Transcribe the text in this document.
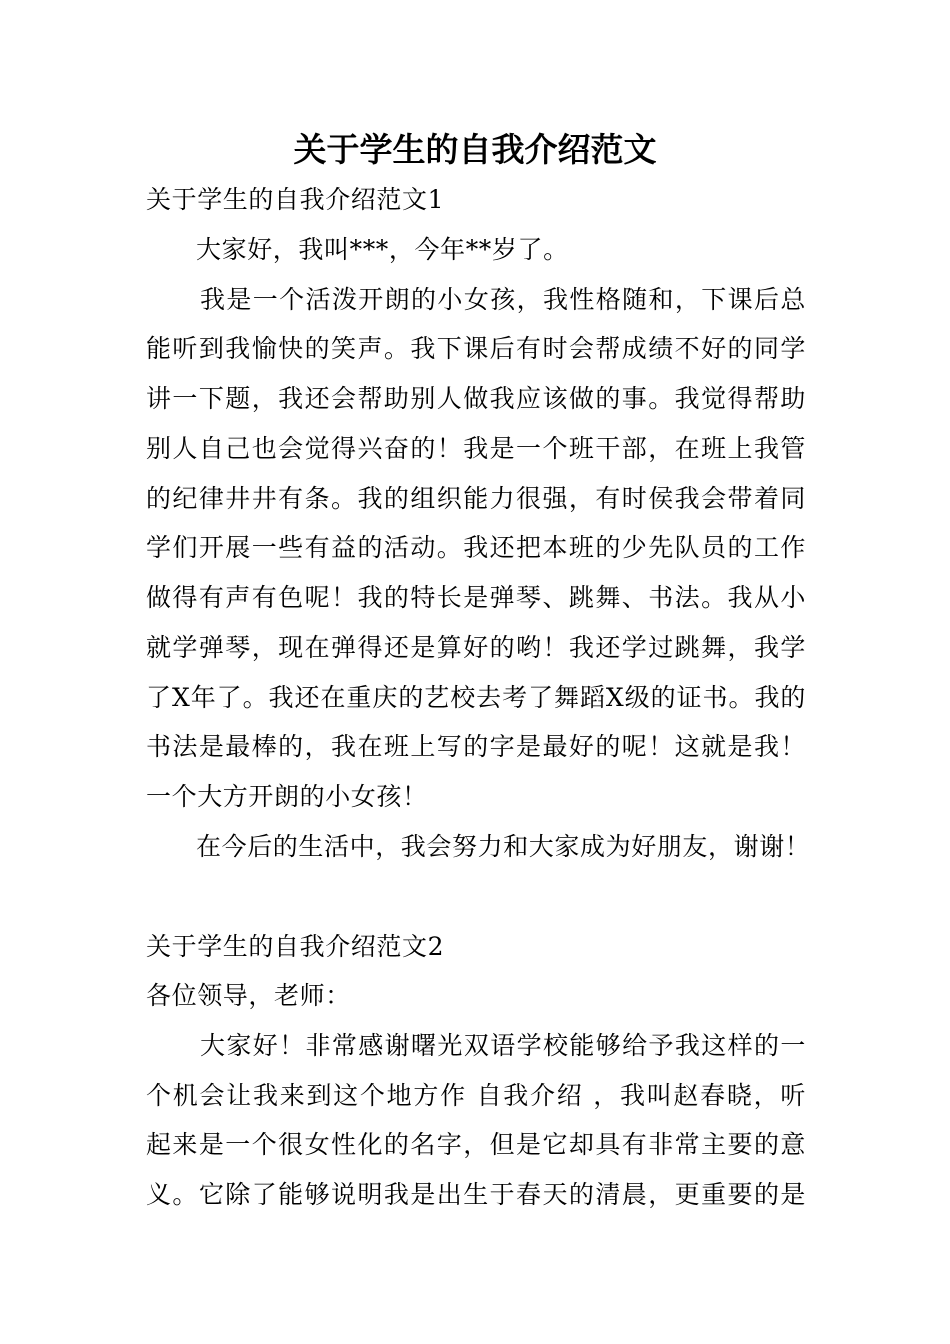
关于学生的自我介绍范文
关于学生的自我介绍范文1
大家好，我叫***，今年**岁了。
我是一个活泼开朗的小女孩，我性格随和，下课后总
能听到我愉快的笑声。我下课后有时会帮成绩不好的同学
讲一下题，我还会帮助别人做我应该做的事。我觉得帮助
别人自己也会觉得兴奋的！我是一个班干部，在班上我管
的纪律井井有条。我的组织能力很强，有时侯我会带着同
学们开展一些有益的活动。我还把本班的少先队员的工作
做得有声有色呢！我的特长是弹琴、跳舞、书法。我从小
就学弹琴，现在弹得还是算好的哟！我还学过跳舞，我学
了X年了。我还在重庆的艺校去考了舞蹈X级的证书。我的
书法是最棒的，我在班上写的字是最好的呢！这就是我！
一个大方开朗的小女孩！
在今后的生活中，我会努力和大家成为好朋友，谢谢！
关于学生的自我介绍范文2
各位领导，老师：
大家好！非常感谢曙光双语学校能够给予我这样的一
个机会让我来到这个地方作 自我介绍 ，我叫赵春晓，听
起来是一个很女性化的名字，但是它却具有非常主要的意
义。它除了能够说明我是出生于春天的清晨，更重要的是
